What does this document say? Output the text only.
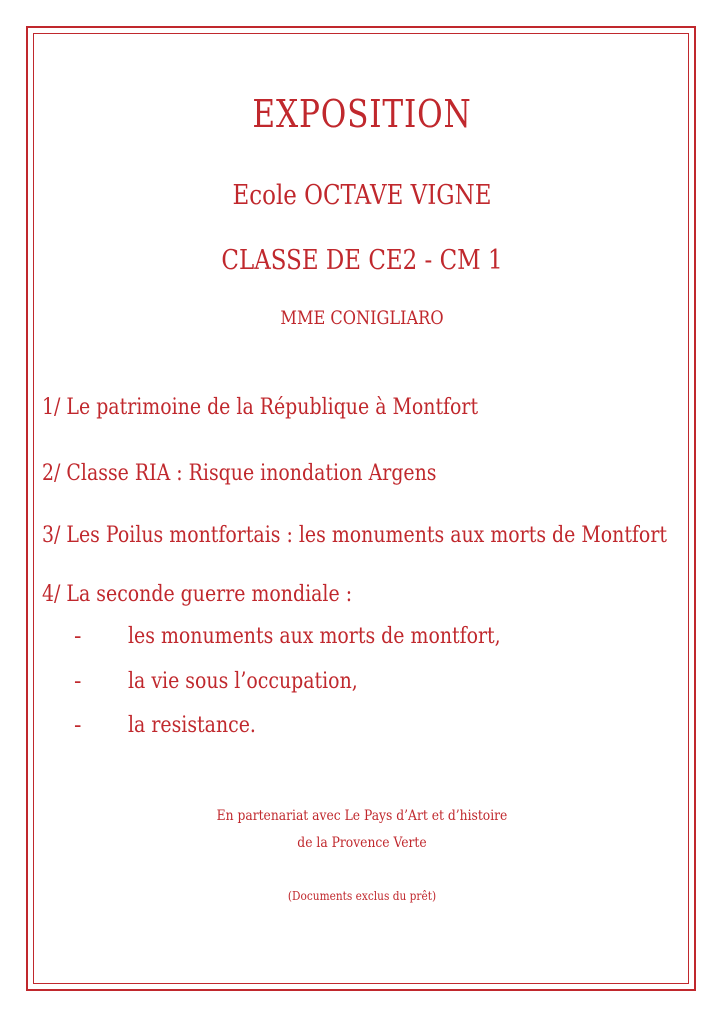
EXPOSITION
Ecole OCTAVE VIGNE
CLASSE DE CE2 - CM 1
MME CONIGLIARO
1/ Le patrimoine de la République à Montfort
2/ Classe RIA : Risque inondation Argens
3/ Les Poilus montfortais : les monuments aux morts de Montfort
4/ La seconde guerre mondiale :
- les monuments aux morts de montfort,
- la vie sous l’occupation,
- la resistance.
En partenariat avec Le Pays d’Art et d’histoire
de la Provence Verte
(Documents exclus du prêt)
